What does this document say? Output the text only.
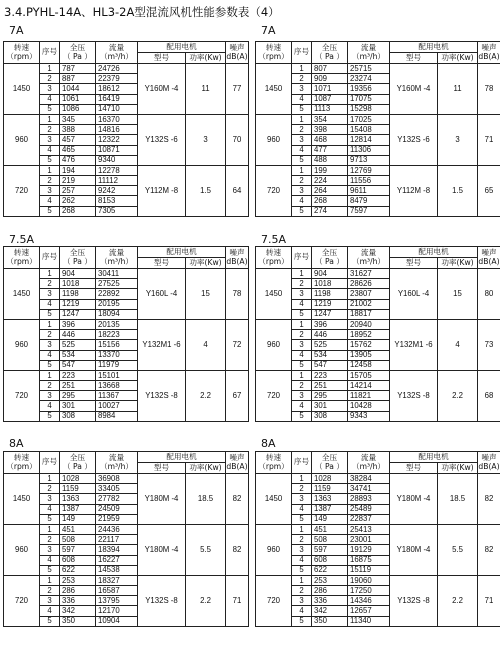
3.4.PYHL-14A、HL3-2A型混流风机性能参数表（4）
7A
转速
（rpm）	序号	全压
（ Pa ）	流量
（m³/h）	配用电机		噪声
dB(A)
				型号	功率(Kw)	
1450	1	787	24726	Y160M -4	11	77
	2	887	22379			
	3	1044	18612			
	4	1061	16419			
	5	1086	14710			
960	1	345	16370	Y132S -6	3	70
	2	388	14816			
	3	457	12322			
	4	465	10871			
	5	476	9340			
720	1	194	12278	Y112M -8	1.5	64
	2	219	11112			
	3	257	9242			
	4	262	8153			
	5	268	7305			
7A
转速
（rpm）	序号	全压
（ Pa ）	流量
（m³/h）	配用电机		噪声
dB(A)
				型号	功率(Kw)	
1450	1	807	25715	Y160M -4	11	78
	2	909	23274			
	3	1071	19356			
	4	1087	17075			
	5	1113	15298			
960	1	354	17025	Y132S -6	3	71
	2	398	15408			
	3	468	12814			
	4	477	11306			
	5	488	9713			
720	1	199	12769	Y112M -8	1.5	65
	2	224	11556			
	3	264	9611			
	4	268	8479			
	5	274	7597			
7.5A
转速
（rpm）	序号	全压
（ Pa ）	流量
（m³/h）	配用电机		噪声
dB(A)
				型号	功率(Kw)	
1450	1	904	30411	Y160L -4	15	78
	2	1018	27525			
	3	1198	22892			
	4	1219	20195			
	5	1247	18094			
960	1	396	20135	Y132M1 -6	4	72
	2	446	18223			
	3	525	15156			
	4	534	13370			
	5	547	11979			
720	1	223	15101	Y132S -8	2.2	67
	2	251	13668			
	3	295	11367			
	4	301	10027			
	5	308	8984			
7.5A
转速
（rpm）	序号	全压
（ Pa ）	流量
（m³/h）	配用电机		噪声
dB(A)
				型号	功率(Kw)	
1450	1	904	31627	Y160L -4	15	80
	2	1018	28626			
	3	1198	23807			
	4	1219	21002			
	5	1247	18817			
960	1	396	20940	Y132M1 -6	4	73
	2	446	18952			
	3	525	15762			
	4	534	13905			
	5	547	12458			
720	1	223	15705	Y132S -8	2.2	68
	2	251	14214			
	3	295	11821			
	4	301	10428			
	5	308	9343			
8A
转速
（rpm）	序号	全压
（ Pa ）	流量
（m³/h）	配用电机		噪声
dB(A)
				型号	功率(Kw)	
1450	1	1028	36908	Y180M -4	18.5	82
	2	1159	33405			
	3	1363	27782			
	4	1387	24509			
	5	149	21959			
960	1	451	24436	Y180M -4	5.5	82
	2	508	22117			
	3	597	18394			
	4	608	16227			
	5	622	14538			
720	1	253	18327	Y132S -8	2.2	71
	2	286	16587			
	3	336	13795			
	4	342	12170			
	5	350	10904			
8A
转速
（rpm）	序号	全压
（ Pa ）	流量
（m³/h）	配用电机		噪声
dB(A)
				型号	功率(Kw)	
1450	1	1028	38284	Y180M -4	18.5	82
	2	1159	34741			
	3	1363	28893			
	4	1387	25489			
	5	149	22837			
960	1	451	25413	Y180M -4	5.5	82
	2	508	23001			
	3	597	19129			
	4	608	16875			
	5	622	15119			
720	1	253	19060	Y132S -8	2.2	71
	2	286	17250			
	3	336	14346			
	4	342	12657			
	5	350	11340			
